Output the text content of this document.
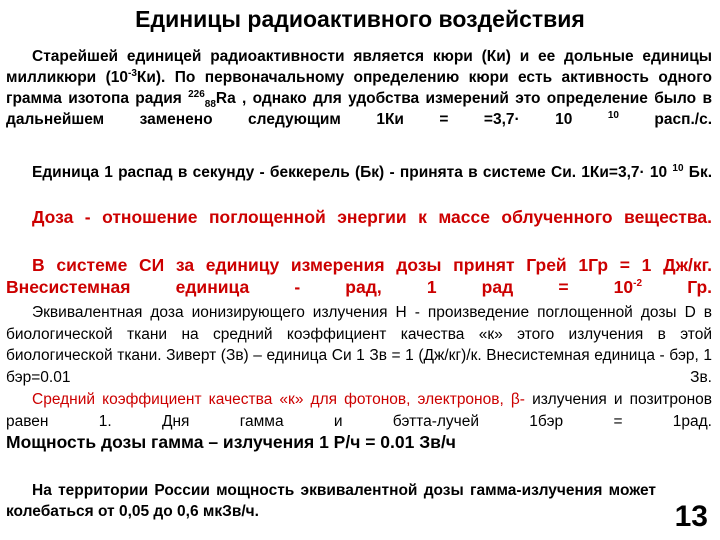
Единицы радиоактивного воздействия
Старейшей единицей радиоактивности является кюри (Ки) и ее дольные единицы милликюри $(10^{-3}Ки)$. По первоначальному определению кюри есть активность одного грамма изотопа радия $^{226}_{88}$Ra , однако для удобства измерений это определение было в дальнейшем заменено следующим 1Ки = =3,7· 10 $^{10}$ расп./с.
Единица 1 распад в секунду - беккерель (Бк) - принята в системе Си. 1Ки=3,7· 10 $^{10}$ Бк.
Доза - отношение поглощенной энергии к массе облученного вещества.
В системе СИ за единицу измерения дозы принят Грей 1Гр = 1 Дж/кг. Внесистемная единица - рад, 1 рад = $10^{-2}$ Гр.
Эквивалентная доза ионизирующего излучения Н - произведение поглощенной дозы D в биологической ткани на средний коэффициент качества «к» этого излучения в этой биологической ткани. Зиверт (Зв) – единица Си 1 Зв = 1 (Дж/кг)/к. Внесистемная единица - бэр, 1 бэр=0.01 Зв.
Средний коэффициент качества «к» для фотонов, электронов, β- излучения и позитронов равен 1. Дня гамма и бэтта-лучей 1бэр = 1рад.
Мощность дозы гамма – излучения 1 Р/ч = 0.01 Зв/ч
На территории России мощность эквивалентной дозы гамма-излучения может колебаться от 0,05 до 0,6 мкЗв/ч.	13
